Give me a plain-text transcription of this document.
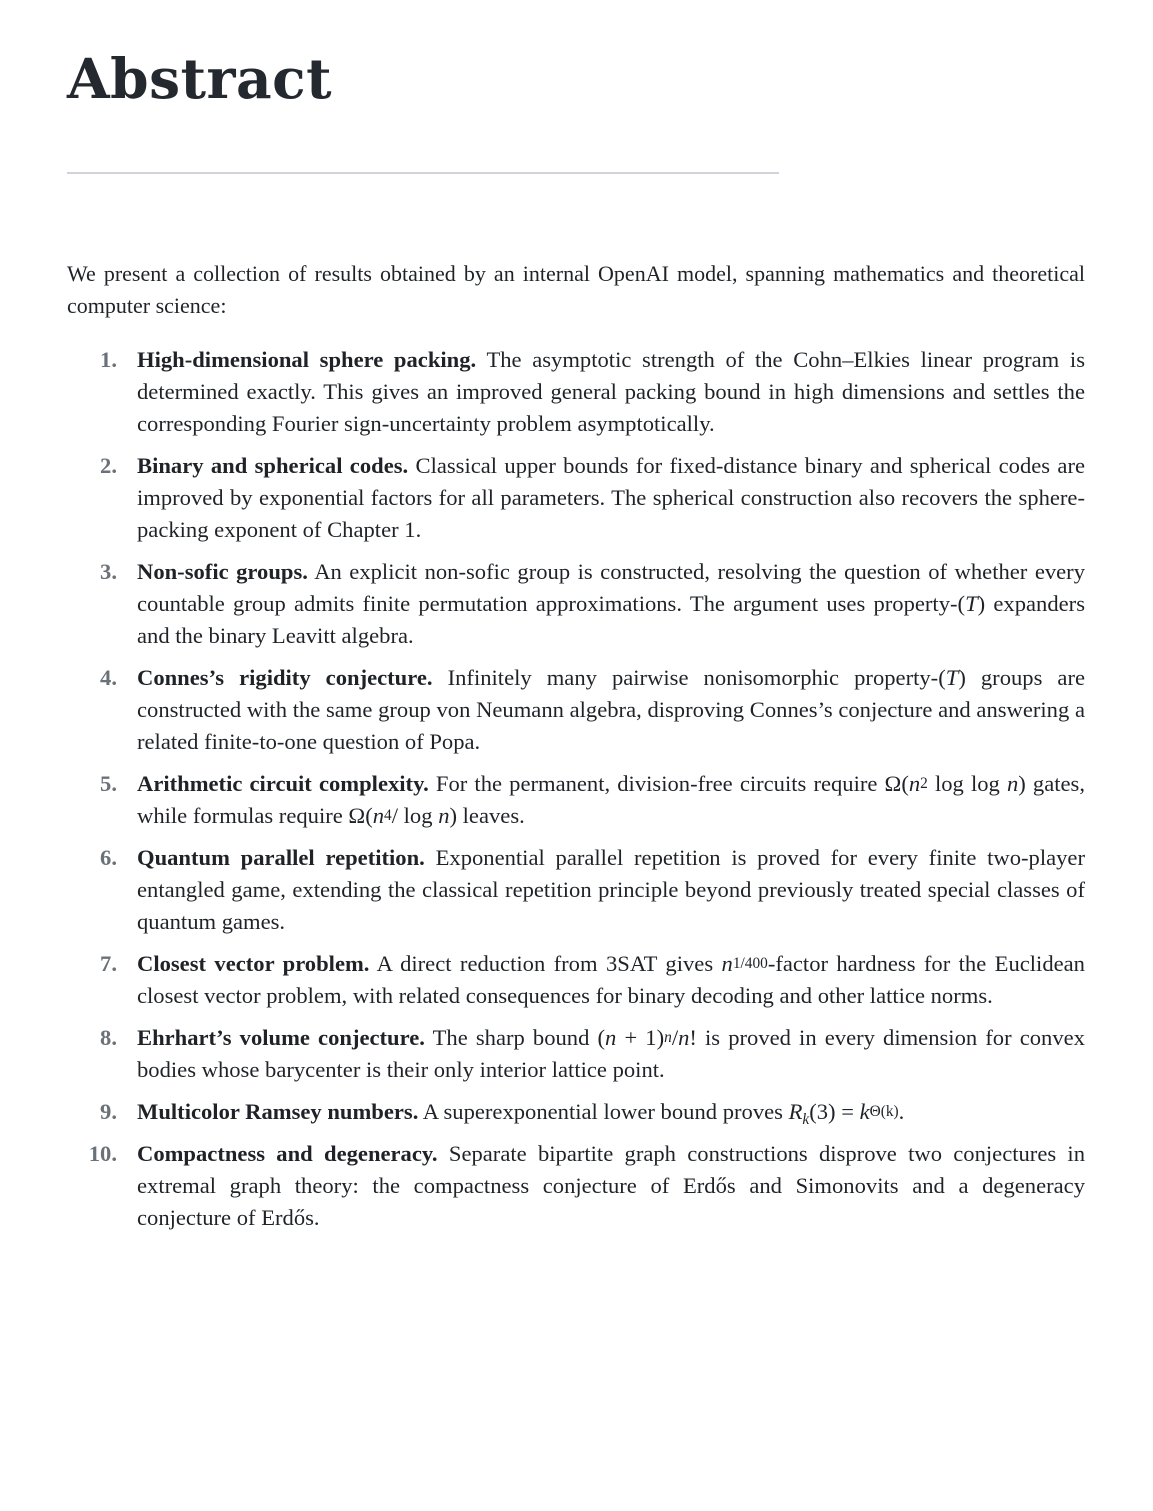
Abstract

We present a collection of results obtained by an internal OpenAI model, spanning mathematics and theoretical computer science:

1. High-dimensional sphere packing. The asymptotic strength of the Cohn–Elkies linear program is determined exactly. This gives an improved general packing bound in high dimensions and settles the corresponding Fourier sign-uncertainty problem asymptotically.
2. Binary and spherical codes. Classical upper bounds for fixed-distance binary and spherical codes are improved by exponential factors for all parameters. The spherical construction also recovers the sphere-packing exponent of Chapter 1.
3. Non-sofic groups. An explicit non-sofic group is constructed, resolving the question of whether every countable group admits finite permutation approximations. The argument uses property-(T) expanders and the binary Leavitt algebra.
4. Connes’s rigidity conjecture. Infinitely many pairwise nonisomorphic property-(T) groups are constructed with the same group von Neumann algebra, disproving Connes’s conjecture and answering a related finite-to-one question of Popa.
5. Arithmetic circuit complexity. For the permanent, division-free circuits require $\Omega(n^2$ log log n) gates, while formulas require $\Omega(n^4/$ log n) leaves.
6. Quantum parallel repetition. Exponential parallel repetition is proved for every finite two-player entangled game, extending the classical repetition principle beyond previously treated special classes of quantum games.
7. Closest vector problem. A direct reduction from 3SAT gives $n^{1/400}$-factor hardness for the Euclidean closest vector problem, with related consequences for binary decoding and other lattice norms.
8. Ehrhart’s volume conjecture. The sharp bound $(n + 1)^n/n$! is proved in every dimension for convex bodies whose barycenter is their only interior lattice point.
9. Multicolor Ramsey numbers. A superexponential lower bound proves $R_k(3) = k^{\Theta(k)}$.
10. Compactness and degeneracy. Separate bipartite graph constructions disprove two conjectures in extremal graph theory: the compactness conjecture of Erdős and Simonovits and a degeneracy conjecture of Erdős.
